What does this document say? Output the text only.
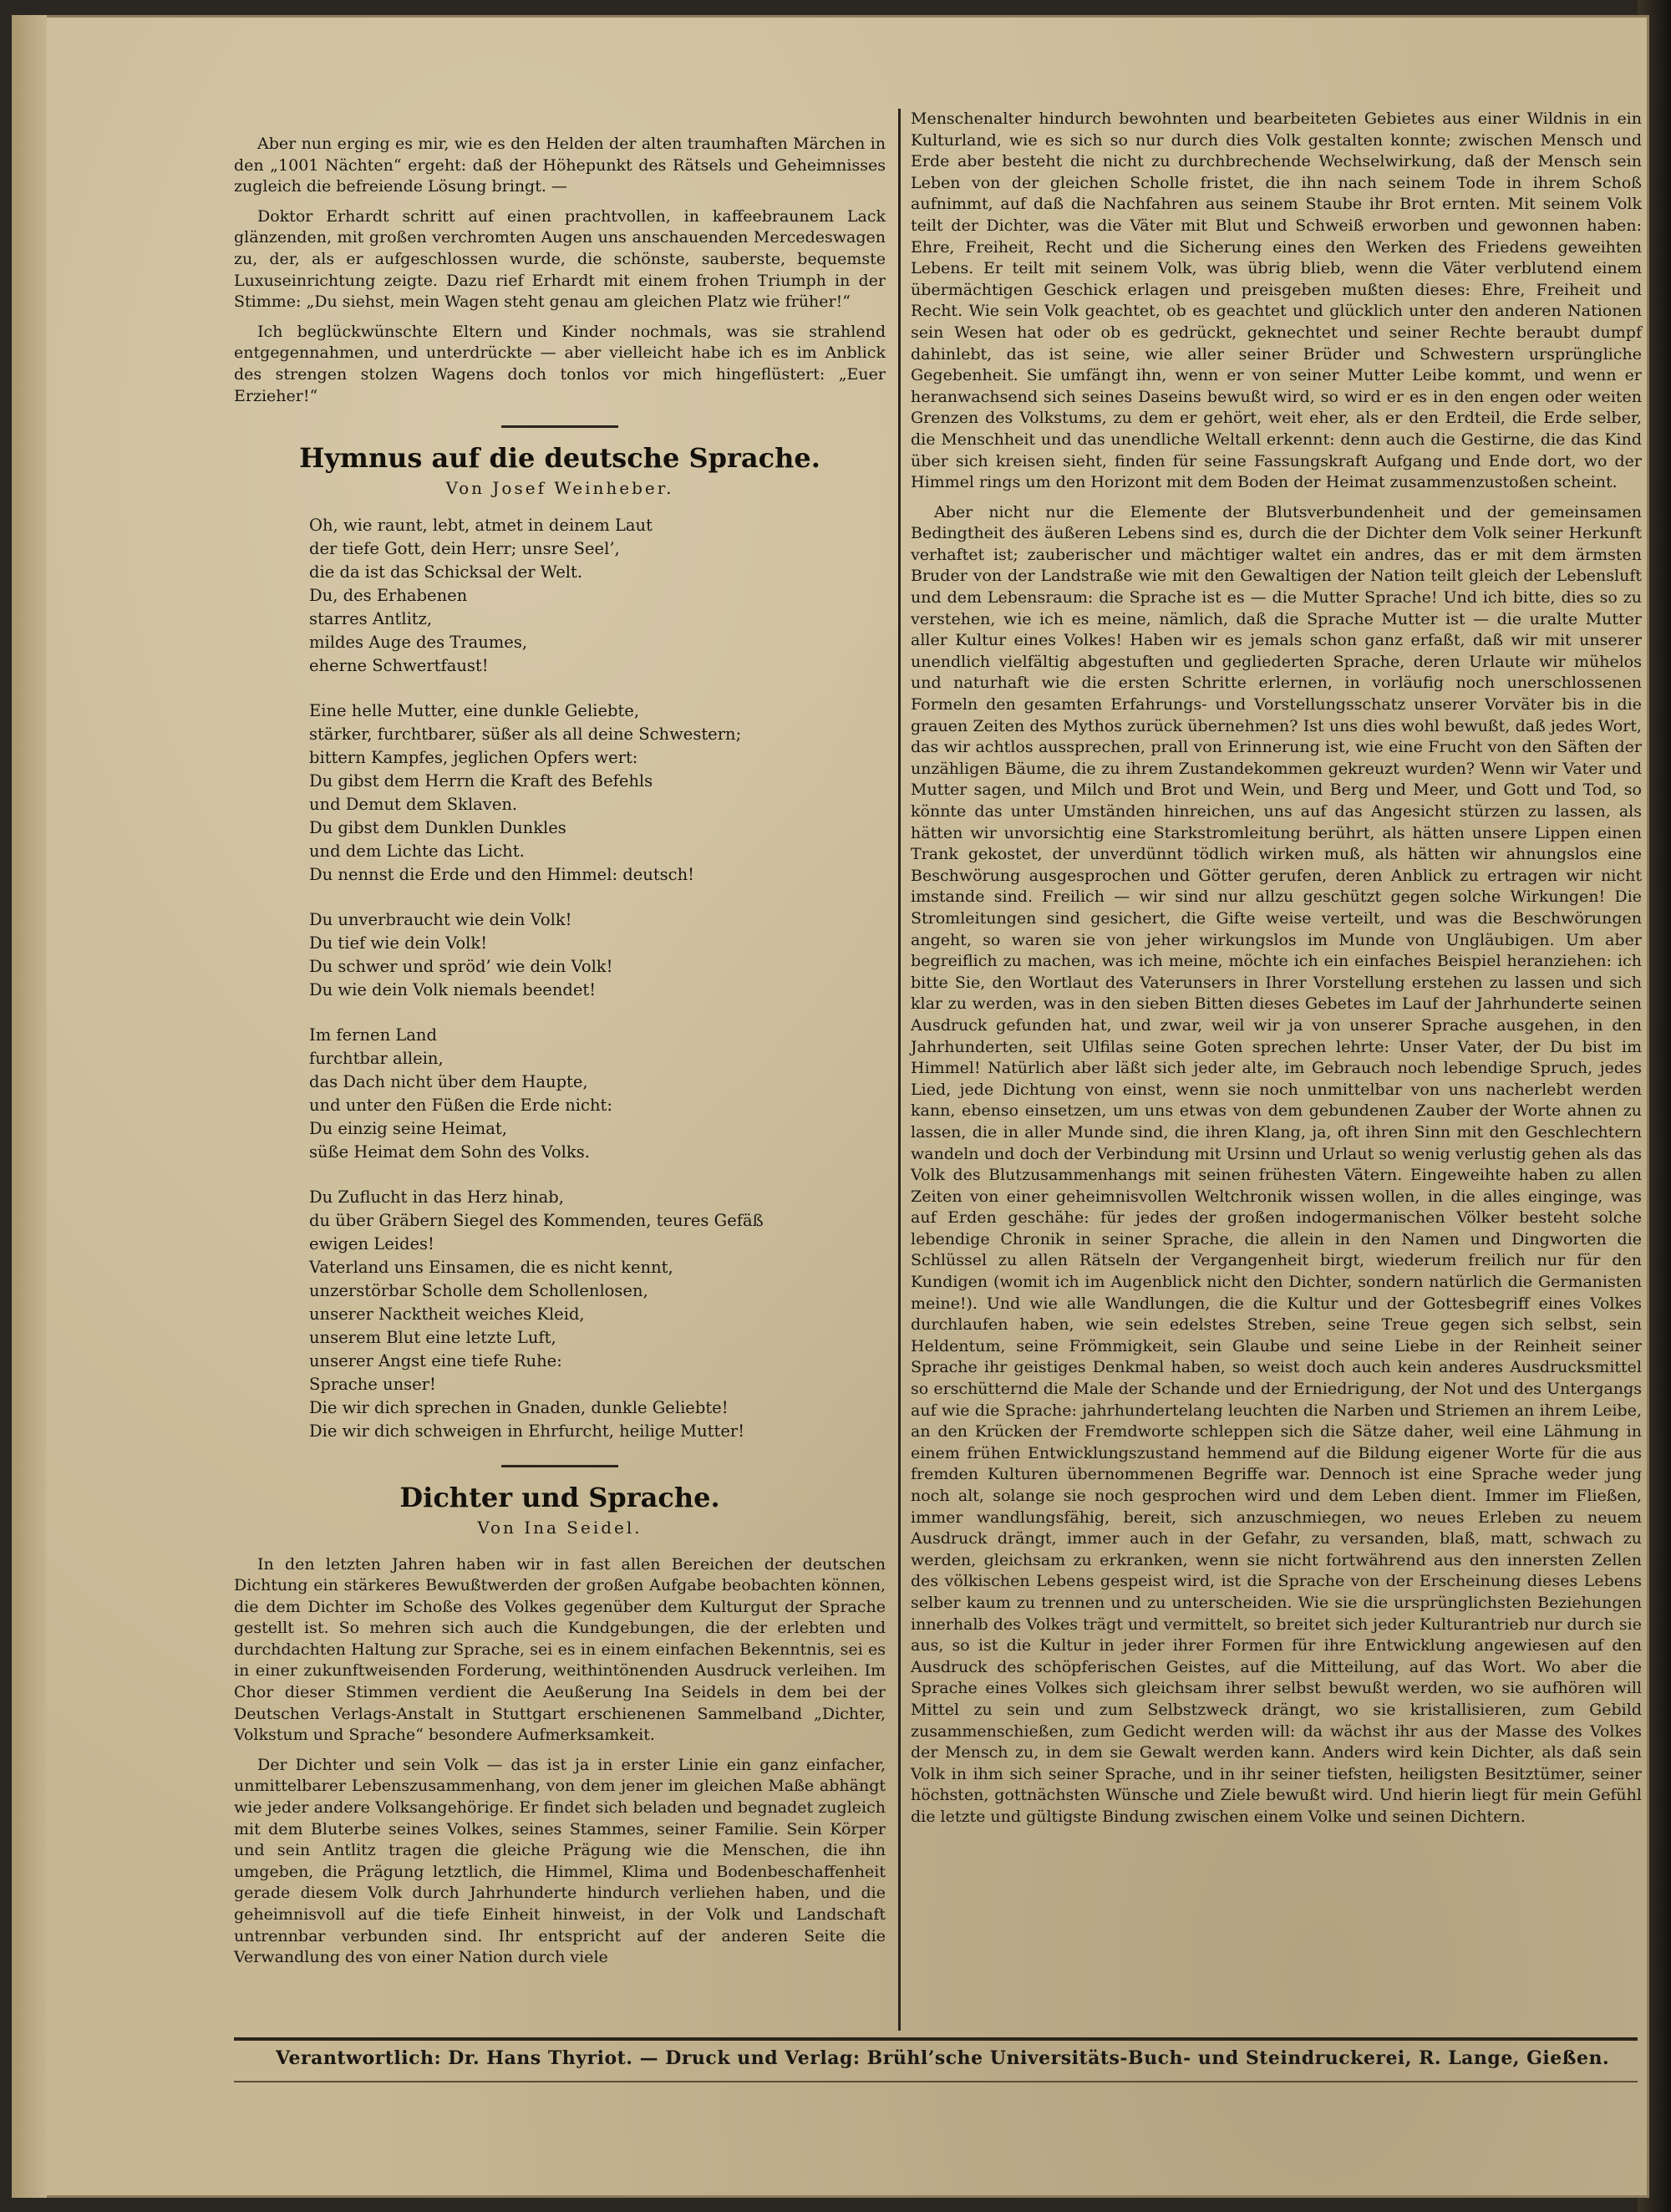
Aber nun erging es mir, wie es den Helden der alten traumhaften Märchen in den „1001 Nächten“ ergeht: daß der Höhepunkt des Rätsels und Geheimnisses zugleich die befreiende Lösung bringt. —

Doktor Erhardt schritt auf einen prachtvollen, in kaffeebraunem Lack glänzenden, mit großen verchromten Augen uns anschauenden Mercedeswagen zu, der, als er aufgeschlossen wurde, die schönste, sauberste, bequemste Luxuseinrichtung zeigte. Dazu rief Erhardt mit einem frohen Triumph in der Stimme: „Du siehst, mein Wagen steht genau am gleichen Platz wie früher!“

Ich beglückwünschte Eltern und Kinder nochmals, was sie strahlend entgegennahmen, und unterdrückte — aber vielleicht habe ich es im Anblick des strengen stolzen Wagens doch tonlos vor mich hingeflüstert: „Euer Erzieher!“

Hymnus auf die deutsche Sprache.
Von Josef Weinheber.
Oh, wie raunt, lebt, atmet in deinem Laut
der tiefe Gott, dein Herr; unsre Seel’,
die da ist das Schicksal der Welt.
Du, des Erhabenen
starres Antlitz,
mildes Auge des Traumes,
eherne Schwertfaust!
Eine helle Mutter, eine dunkle Geliebte,
stärker, furchtbarer, süßer als all deine Schwestern;
bittern Kampfes, jeglichen Opfers wert:
Du gibst dem Herrn die Kraft des Befehls
und Demut dem Sklaven.
Du gibst dem Dunklen Dunkles
und dem Lichte das Licht.
Du nennst die Erde und den Himmel: deutsch!
Du unverbraucht wie dein Volk!
Du tief wie dein Volk!
Du schwer und spröd’ wie dein Volk!
Du wie dein Volk niemals beendet!
Im fernen Land
furchtbar allein,
das Dach nicht über dem Haupte,
und unter den Füßen die Erde nicht:
Du einzig seine Heimat,
süße Heimat dem Sohn des Volks.
Du Zuflucht in das Herz hinab,
du über Gräbern Siegel des Kommenden, teures Gefäß
ewigen Leides!
Vaterland uns Einsamen, die es nicht kennt,
unzerstörbar Scholle dem Schollenlosen,
unserer Nacktheit weiches Kleid,
unserem Blut eine letzte Luft,
unserer Angst eine tiefe Ruhe:
Sprache unser!
Die wir dich sprechen in Gnaden, dunkle Geliebte!
Die wir dich schweigen in Ehrfurcht, heilige Mutter!
Dichter und Sprache.
Von Ina Seidel.

In den letzten Jahren haben wir in fast allen Bereichen der deutschen Dichtung ein stärkeres Bewußtwerden der großen Aufgabe beobachten können, die dem Dichter im Schoße des Volkes gegenüber dem Kulturgut der Sprache gestellt ist. So mehren sich auch die Kundgebungen, die der erlebten und durchdachten Haltung zur Sprache, sei es in einem einfachen Bekenntnis, sei es in einer zukunftweisenden Forderung, weithintönenden Ausdruck verleihen. Im Chor dieser Stimmen verdient die Aeußerung Ina Seidels in dem bei der Deutschen Verlags-Anstalt in Stuttgart erschienenen Sammelband „Dichter, Volkstum und Sprache“ besondere Aufmerksamkeit.

Der Dichter und sein Volk — das ist ja in erster Linie ein ganz einfacher, unmittelbarer Lebenszusammenhang, von dem jener im gleichen Maße abhängt wie jeder andere Volksangehörige. Er findet sich beladen und begnadet zugleich mit dem Bluterbe seines Volkes, seines Stammes, seiner Familie. Sein Körper und sein Antlitz tragen die gleiche Prägung wie die Menschen, die ihn umgeben, die Prägung letztlich, die Himmel, Klima und Bodenbeschaffenheit gerade diesem Volk durch Jahrhunderte hindurch verliehen haben, und die geheimnisvoll auf die tiefe Einheit hinweist, in der Volk und Landschaft untrennbar verbunden sind. Ihr entspricht auf der anderen Seite die Verwandlung des von einer Nation durch viele

Menschenalter hindurch bewohnten und bearbeiteten Gebietes aus einer Wildnis in ein Kulturland, wie es sich so nur durch dies Volk gestalten konnte; zwischen Mensch und Erde aber besteht die nicht zu durchbrechende Wechselwirkung, daß der Mensch sein Leben von der gleichen Scholle fristet, die ihn nach seinem Tode in ihrem Schoß aufnimmt, auf daß die Nachfahren aus seinem Staube ihr Brot ernten. Mit seinem Volk teilt der Dichter, was die Väter mit Blut und Schweiß erworben und gewonnen haben: Ehre, Freiheit, Recht und die Sicherung eines den Werken des Friedens geweihten Lebens. Er teilt mit seinem Volk, was übrig blieb, wenn die Väter verblutend einem übermächtigen Geschick erlagen und preisgeben mußten dieses: Ehre, Freiheit und Recht. Wie sein Volk geachtet, ob es geachtet und glücklich unter den anderen Nationen sein Wesen hat oder ob es gedrückt, geknechtet und seiner Rechte beraubt dumpf dahinlebt, das ist seine, wie aller seiner Brüder und Schwestern ursprüngliche Gegebenheit. Sie umfängt ihn, wenn er von seiner Mutter Leibe kommt, und wenn er heranwachsend sich seines Daseins bewußt wird, so wird er es in den engen oder weiten Grenzen des Volkstums, zu dem er gehört, weit eher, als er den Erdteil, die Erde selber, die Menschheit und das unendliche Weltall erkennt: denn auch die Gestirne, die das Kind über sich kreisen sieht, finden für seine Fassungskraft Aufgang und Ende dort, wo der Himmel rings um den Horizont mit dem Boden der Heimat zusammenzustoßen scheint.

Aber nicht nur die Elemente der Blutsverbundenheit und der gemeinsamen Bedingtheit des äußeren Lebens sind es, durch die der Dichter dem Volk seiner Herkunft verhaftet ist; zauberischer und mächtiger waltet ein andres, das er mit dem ärmsten Bruder von der Landstraße wie mit den Gewaltigen der Nation teilt gleich der Lebensluft und dem Lebensraum: die Sprache ist es — die Mutter Sprache! Und ich bitte, dies so zu verstehen, wie ich es meine, nämlich, daß die Sprache Mutter ist — die uralte Mutter aller Kultur eines Volkes! Haben wir es jemals schon ganz erfaßt, daß wir mit unserer unendlich vielfältig abgestuften und gegliederten Sprache, deren Urlaute wir mühelos und naturhaft wie die ersten Schritte erlernen, in vorläufig noch unerschlossenen Formeln den gesamten Erfahrungs- und Vorstellungsschatz unserer Vorväter bis in die grauen Zeiten des Mythos zurück übernehmen? Ist uns dies wohl bewußt, daß jedes Wort, das wir achtlos aussprechen, prall von Erinnerung ist, wie eine Frucht von den Säften der unzähligen Bäume, die zu ihrem Zustandekommen gekreuzt wurden? Wenn wir Vater und Mutter sagen, und Milch und Brot und Wein, und Berg und Meer, und Gott und Tod, so könnte das unter Umständen hinreichen, uns auf das Angesicht stürzen zu lassen, als hätten wir unvorsichtig eine Starkstromleitung berührt, als hätten unsere Lippen einen Trank gekostet, der unverdünnt tödlich wirken muß, als hätten wir ahnungslos eine Beschwörung ausgesprochen und Götter gerufen, deren Anblick zu ertragen wir nicht imstande sind. Freilich — wir sind nur allzu geschützt gegen solche Wirkungen! Die Stromleitungen sind gesichert, die Gifte weise verteilt, und was die Beschwörungen angeht, so waren sie von jeher wirkungslos im Munde von Ungläubigen. Um aber begreiflich zu machen, was ich meine, möchte ich ein einfaches Beispiel heranziehen: ich bitte Sie, den Wortlaut des Vaterunsers in Ihrer Vorstellung erstehen zu lassen und sich klar zu werden, was in den sieben Bitten dieses Gebetes im Lauf der Jahrhunderte seinen Ausdruck gefunden hat, und zwar, weil wir ja von unserer Sprache ausgehen, in den Jahrhunderten, seit Ulfilas seine Goten sprechen lehrte: Unser Vater, der Du bist im Himmel! Natürlich aber läßt sich jeder alte, im Gebrauch noch lebendige Spruch, jedes Lied, jede Dichtung von einst, wenn sie noch unmittelbar von uns nacherlebt werden kann, ebenso einsetzen, um uns etwas von dem gebundenen Zauber der Worte ahnen zu lassen, die in aller Munde sind, die ihren Klang, ja, oft ihren Sinn mit den Geschlechtern wandeln und doch der Verbindung mit Ursinn und Urlaut so wenig verlustig gehen als das Volk des Blutzusammenhangs mit seinen frühesten Vätern. Eingeweihte haben zu allen Zeiten von einer geheimnisvollen Weltchronik wissen wollen, in die alles einginge, was auf Erden geschähe: für jedes der großen indogermanischen Völker besteht solche lebendige Chronik in seiner Sprache, die allein in den Namen und Dingworten die Schlüssel zu allen Rätseln der Vergangenheit birgt, wiederum freilich nur für den Kundigen (womit ich im Augenblick nicht den Dichter, sondern natürlich die Germanisten meine!). Und wie alle Wandlungen, die die Kultur und der Gottesbegriff eines Volkes durchlaufen haben, wie sein edelstes Streben, seine Treue gegen sich selbst, sein Heldentum, seine Frömmigkeit, sein Glaube und seine Liebe in der Reinheit seiner Sprache ihr geistiges Denkmal haben, so weist doch auch kein anderes Ausdrucksmittel so erschütternd die Male der Schande und der Erniedrigung, der Not und des Untergangs auf wie die Sprache: jahrhundertelang leuchten die Narben und Striemen an ihrem Leibe, an den Krücken der Fremdworte schleppen sich die Sätze daher, weil eine Lähmung in einem frühen Entwicklungszustand hemmend auf die Bildung eigener Worte für die aus fremden Kulturen übernommenen Begriffe war. Dennoch ist eine Sprache weder jung noch alt, solange sie noch gesprochen wird und dem Leben dient. Immer im Fließen, immer wandlungsfähig, bereit, sich anzuschmiegen, wo neues Erleben zu neuem Ausdruck drängt, immer auch in der Gefahr, zu versanden, blaß, matt, schwach zu werden, gleichsam zu erkranken, wenn sie nicht fortwährend aus den innersten Zellen des völkischen Lebens gespeist wird, ist die Sprache von der Erscheinung dieses Lebens selber kaum zu trennen und zu unterscheiden. Wie sie die ursprünglichsten Beziehungen innerhalb des Volkes trägt und vermittelt, so breitet sich jeder Kulturantrieb nur durch sie aus, so ist die Kultur in jeder ihrer Formen für ihre Entwicklung angewiesen auf den Ausdruck des schöpferischen Geistes, auf die Mitteilung, auf das Wort. Wo aber die Sprache eines Volkes sich gleichsam ihrer selbst bewußt werden, wo sie aufhören will Mittel zu sein und zum Selbstzweck drängt, wo sie kristallisieren, zum Gebild zusammenschießen, zum Gedicht werden will: da wächst ihr aus der Masse des Volkes der Mensch zu, in dem sie Gewalt werden kann. Anders wird kein Dichter, als daß sein Volk in ihm sich seiner Sprache, und in ihr seiner tiefsten, heiligsten Besitztümer, seiner höchsten, gottnächsten Wünsche und Ziele bewußt wird. Und hierin liegt für mein Gefühl die letzte und gültigste Bindung zwischen einem Volke und seinen Dichtern.

Verantwortlich: Dr. Hans Thyriot. — Druck und Verlag: Brühl’sche Universitäts-Buch- und Steindruckerei, R. Lange, Gießen.
